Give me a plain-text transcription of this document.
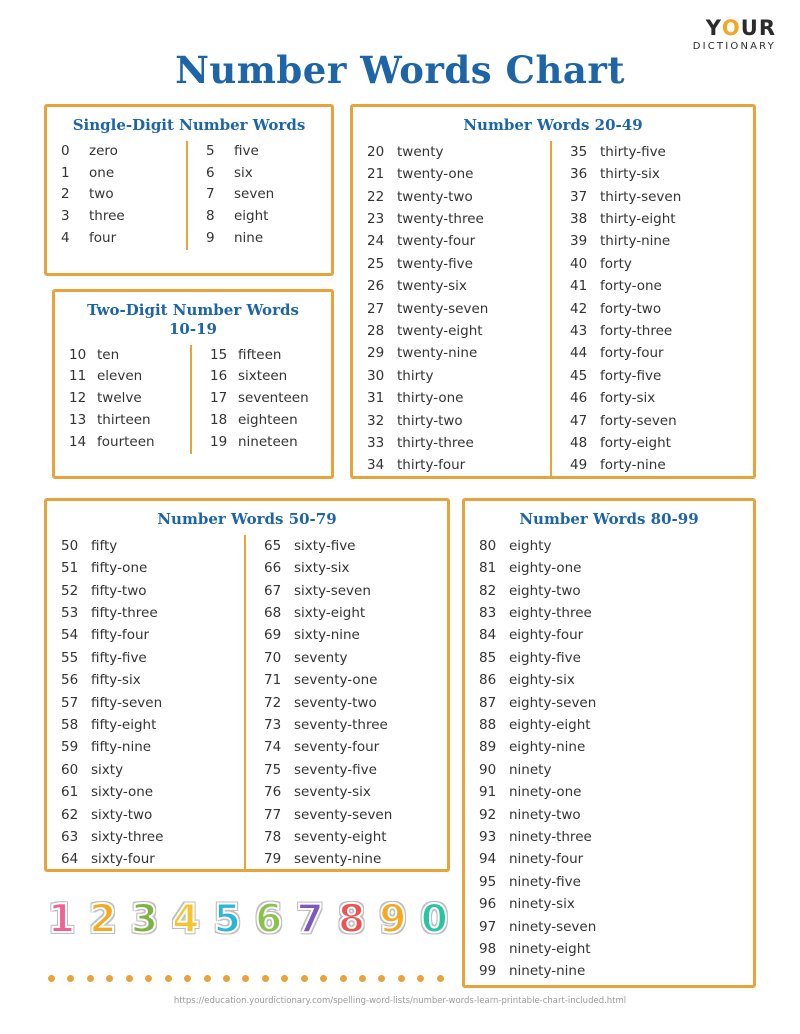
YOUR
DICTIONARY
Number Words Chart
Single-Digit Number Words
0	zero
1	one
2	two
3	three
4	four
5	five
6	six
7	seven
8	eight
9	nine
Two-Digit Number Words
10-19
10 ten
11 eleven
12 twelve
13 thirteen
14 fourteen
15 fifteen
16 sixteen
17 seventeen
18 eighteen
19 nineteen
Number Words 20-49
20 twenty
21 twenty-one
22 twenty-two
23 twenty-three
24 twenty-four
25 twenty-five
26 twenty-six
27 twenty-seven
28 twenty-eight
29 twenty-nine
30 thirty
31 thirty-one
32 thirty-two
33 thirty-three
34 thirty-four
35 thirty-five
36 thirty-six
37 thirty-seven
38 thirty-eight
39 thirty-nine
40 forty
41 forty-one
42 forty-two
43 forty-three
44 forty-four
45 forty-five
46 forty-six
47 forty-seven
48 forty-eight
49 forty-nine
Number Words 50-79
50 fifty
51 fifty-one
52 fifty-two
53 fifty-three
54 fifty-four
55 fifty-five
56 fifty-six
57 fifty-seven
58 fifty-eight
59 fifty-nine
60 sixty
61 sixty-one
62 sixty-two
63 sixty-three
64 sixty-four
65 sixty-five
66 sixty-six
67 sixty-seven
68 sixty-eight
69 sixty-nine
70 seventy
71 seventy-one
72 seventy-two
73 seventy-three
74 seventy-four
75 seventy-five
76 seventy-six
77 seventy-seven
78 seventy-eight
79 seventy-nine
Number Words 80-99
80 eighty
81 eighty-one
82 eighty-two
83 eighty-three
84 eighty-four
85 eighty-five
86 eighty-six
87 eighty-seven
88 eighty-eight
89 eighty-nine
90 ninety
91 ninety-one
92 ninety-two
93 ninety-three
94 ninety-four
95 ninety-five
96 ninety-six
97 ninety-seven
98 ninety-eight
99 ninety-nine
1 2 3 4 5 6 7 8 9 0
https://education.yourdictionary.com/spelling-word-lists/number-words-learn-printable-chart-included.html
